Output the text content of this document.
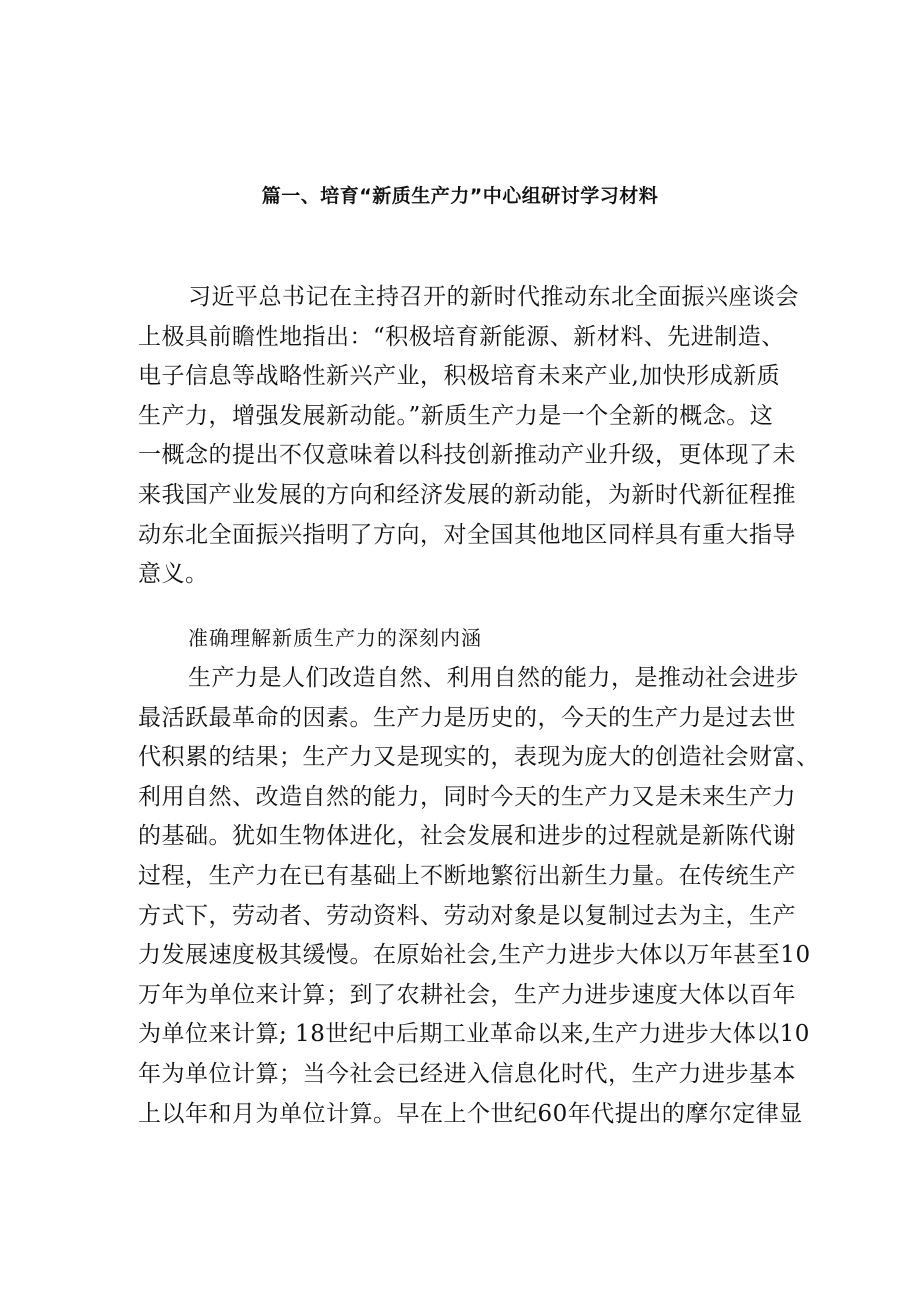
篇一、培育“新质生产力”中心组研讨学习材料
习近平总书记在主持召开的新时代推动东北全面振兴座谈会
上极具前瞻性地指出：“积极培育新能源、新材料、先进制造、
电子信息等战略性新兴产业，积极培育未来产业,加快形成新质
生产力，增强发展新动能。”新质生产力是一个全新的概念。这
一概念的提出不仅意味着以科技创新推动产业升级，更体现了未
来我国产业发展的方向和经济发展的新动能，为新时代新征程推
动东北全面振兴指明了方向，对全国其他地区同样具有重大指导
意义。
准确理解新质生产力的深刻内涵
生产力是人们改造自然、利用自然的能力，是推动社会进步
最活跃最革命的因素。生产力是历史的，今天的生产力是过去世
代积累的结果；生产力又是现实的，表现为庞大的创造社会财富、
利用自然、改造自然的能力，同时今天的生产力又是未来生产力
的基础。犹如生物体进化，社会发展和进步的过程就是新陈代谢
过程，生产力在已有基础上不断地繁衍出新生力量。在传统生产
方式下，劳动者、劳动资料、劳动对象是以复制过去为主，生产
力发展速度极其缓慢。在原始社会,生产力进步大体以万年甚至10
万年为单位来计算；到了农耕社会，生产力进步速度大体以百年
为单位来计算; 18世纪中后期工业革命以来,生产力进步大体以10
年为单位计算；当今社会已经进入信息化时代，生产力进步基本
上以年和月为单位计算。早在上个世纪60年代提出的摩尔定律显
